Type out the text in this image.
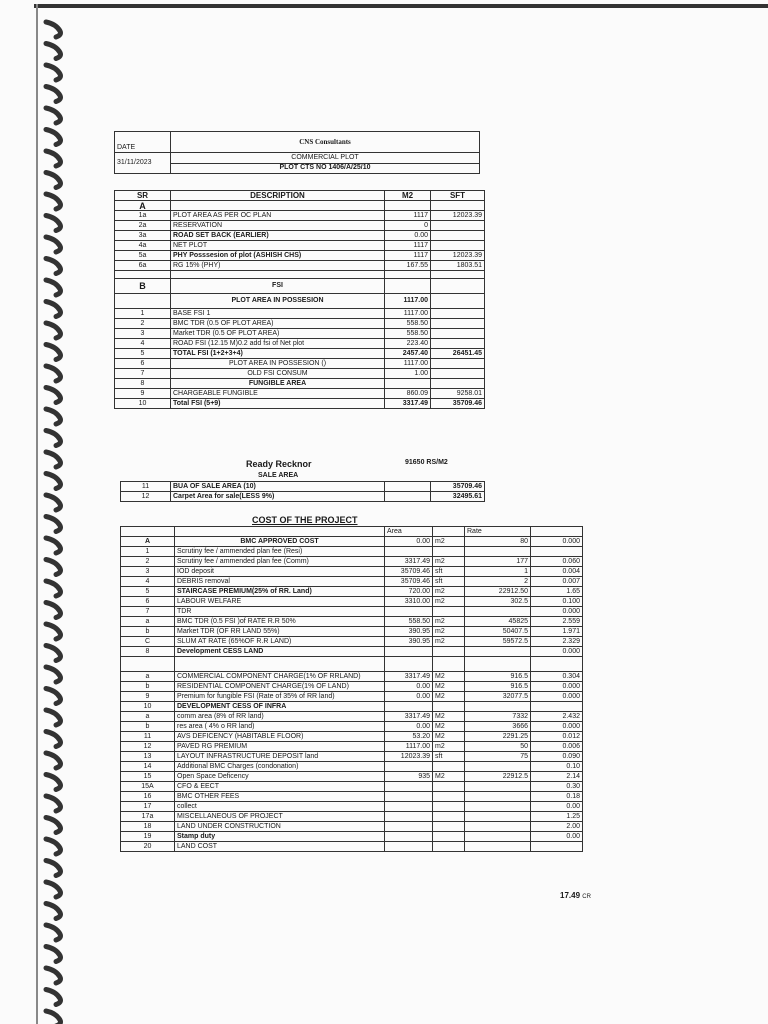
DATE	CNS Consultants
31/11/2023	COMMERCIAL PLOT
	PLOT CTS NO 1406/A/25/10
SR	DESCRIPTION	M2	SFT
A			
1a	PLOT AREA AS PER OC PLAN	1117	12023.39
2a	RESERVATION	0	
3a	ROAD SET BACK (EARLIER)	0.00	
4a	NET PLOT	1117	
5a	PHY Posssesion of plot (ASHISH CHS)	1117	12023.39
6a	RG 15% (PHY)	167.55	1803.51

B	FSI		
	PLOT AREA IN POSSESION	1117.00	
1	BASE FSI 1	1117.00	
2	BMC TDR (0.5 OF PLOT AREA)	558.50	
3	Market TDR (0.5 OF PLOT AREA)	558.50	
4	ROAD FSI (12.15 M)0.2 add fsi of Net plot	223.40	
5	TOTAL FSI (1+2+3+4)	2457.40	26451.45
6	PLOT AREA IN POSSESION ()	1117.00	
7	OLD FSI CONSUM	1.00	
8	FUNGIBLE AREA		
9	CHARGEABLE FUNGIBLE	860.09	9258.01
10	Total FSI (5+9)	3317.49	35709.46
Ready Recknor	91650 RS/M2
SALE AREA
11	BUA OF SALE AREA (10)		35709.46
12	Carpet Area for sale(LESS 9%)		32495.61
COST OF THE PROJECT
		Area		Rate	
A	BMC APPROVED COST	0.00	m2	80	0.000
1	Scrutiny fee / ammended plan fee (Resi)				
2	Scrutiny fee / ammended plan fee (Comm)	3317.49	m2	177	0.060
3	IOD deposit	35709.46	sft	1	0.004
4	DEBRIS removal	35709.46	sft	2	0.007
5	STAIRCASE PREMIUM(25% of RR. Land)	720.00	m2	22912.50	1.65
6	LABOUR WELFARE	3310.00	m2	302.5	0.100
7	TDR				0.000
a	BMC TDR (0.5 FSI )of RATE R.R 50%	558.50	m2	45825	2.559
b	Market TDR (OF RR LAND 55%)	390.95	m2	50407.5	1.971
C	SLUM AT RATE (65%OF R.R LAND)	390.95	m2	59572.5	2.329
8	Development CESS LAND				0.000

a	COMMERCIAL COMPONENT CHARGE(1% OF RRLAND)	3317.49	M2	916.5	0.304
b	RESIDENTIAL COMPONENT CHARGE(1% OF LAND)	0.00	M2	916.5	0.000
9	Premium for fungible FSI (Rate of 35% of RR land)	0.00	M2	32077.5	0.000
10	DEVELOPMENT CESS OF INFRA				
a	comm area (8% of RR land)	3317.49	M2	7332	2.432
b	res area ( 4% o RR land)	0.00	M2	3666	0.000
11	AVS DEFICENCY (HABITABLE FLOOR)	53.20	M2	2291.25	0.012
12	PAVED RG PREMIUM	1117.00	m2	50	0.006
13	LAYOUT INFRASTRUCTURE DEPOSIT land	12023.39	sft	75	0.090
14	Additional BMC Charges (condonation)				0.10
15	Open Space Deficency	935	M2	22912.5	2.14
15A	CFO & EECT				0.30
16	BMC OTHER FEES				0.18
17	collect				0.00
17a	MISCELLANEOUS OF PROJECT				1.25
18	LAND UNDER CONSTRUCTION				2.00
19	Stamp duty				0.00
20	LAND COST				
17.49 CR
